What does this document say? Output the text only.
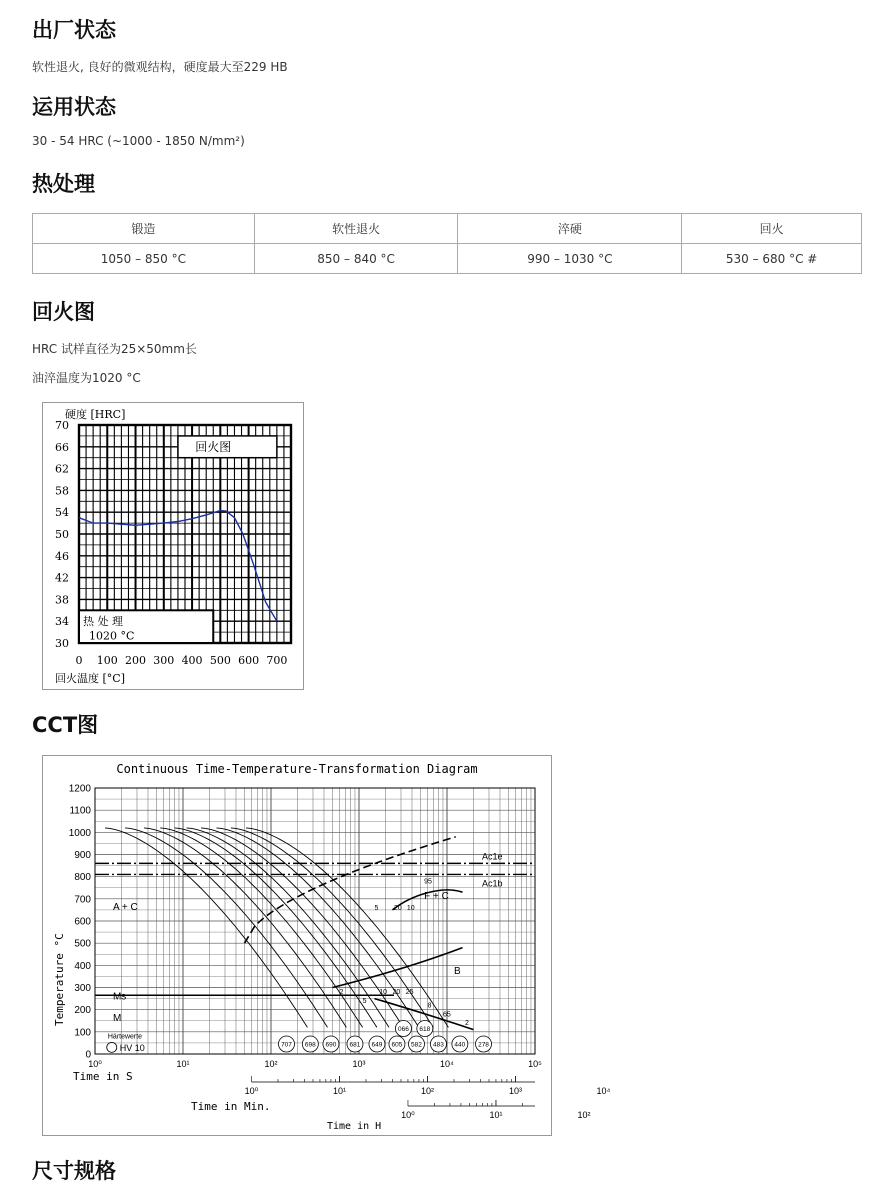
出厂状态

软性退火, 良好的微观结构，硬度最大至229 HB

运用状态

30 - 54 HRC (~1000 - 1850 N/mm²)

热处理
锻造	软性退火	淬硬	回火
1050 – 850 °C	850 – 840 °C	990 – 1030 °C	530 – 680 °C #
回火图

HRC 试样直径为25×50mm长

油淬温度为1020 °C

70
66
62
58
54
50
46
42
38
34
30
0 100 200 300 400 500 600 700
回火图
热 处 理
1020 °C
硬度 [HRC]
回火温度 [°C]
CCT图
Continuous Time-Temperature-Transformation Diagram
1200
1100
1000
900
800
700
600
500
400
300
200
100
0
10⁰	10¹	10²	10³	10⁴	10⁵
10⁰	10¹	10²	10³	10⁴
10⁰	10¹	10²
A + C
F + C
B
M
Ms
Ac1e
Ac1b
Härtewerte
HV 10
5 20 10
2
5
10 20 25
95
8
65
2
707 698 690 681 649 605 582 483 440 278
066 618
Temperature °C
Time in S
Time in Min.
Time in H
尺寸规格
